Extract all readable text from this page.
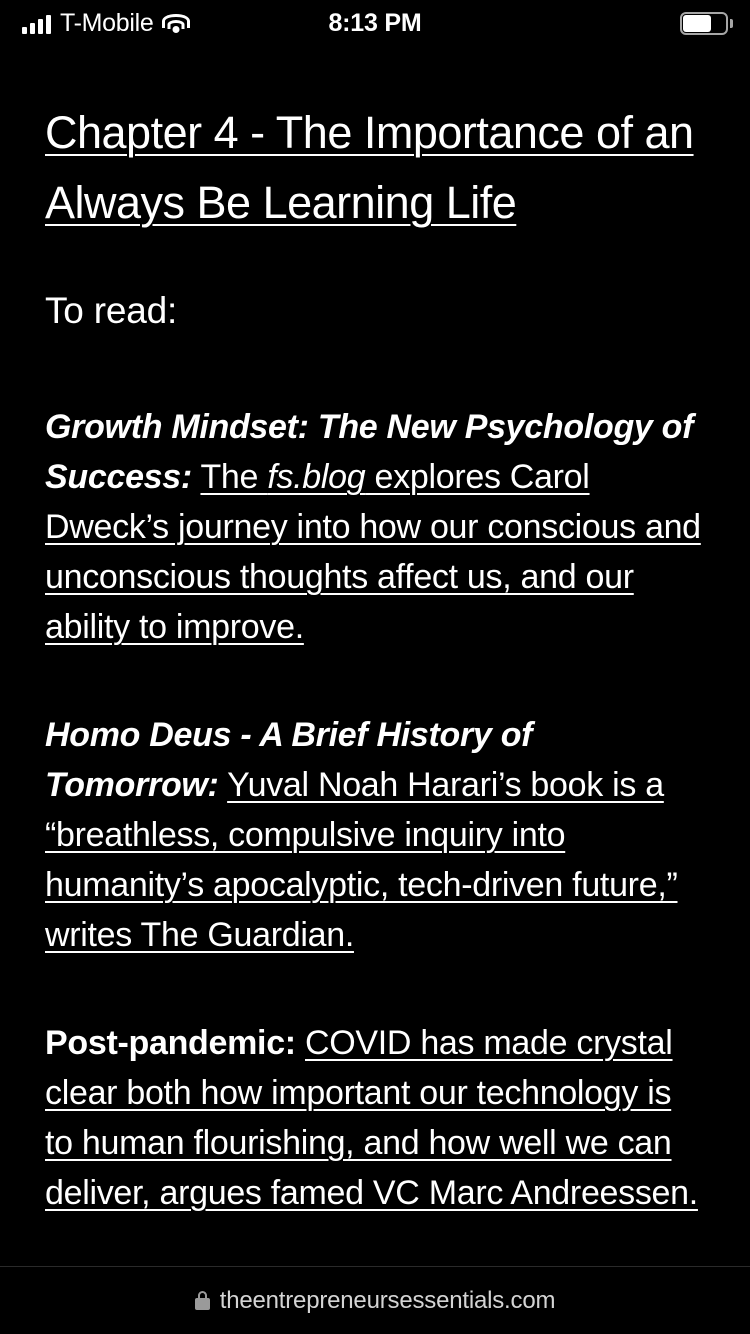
T-Mobile	8:13 PM
Chapter 4 - The Importance of an Always Be Learning Life

To read:

Growth Mindset: The New Psychology of Success: The fs.blog explores Carol Dweck’s journey into how our conscious and unconscious thoughts affect us, and our ability to improve.

Homo Deus - A Brief History of Tomorrow: Yuval Noah Harari’s book is a “breathless, compulsive inquiry into humanity’s apocalyptic, tech-driven future,” writes The Guardian.

Post-pandemic: COVID has made crystal clear both how important our technology is to human flourishing, and how well we can deliver, argues famed VC Marc Andreessen.

theentrepreneursessentials.com
